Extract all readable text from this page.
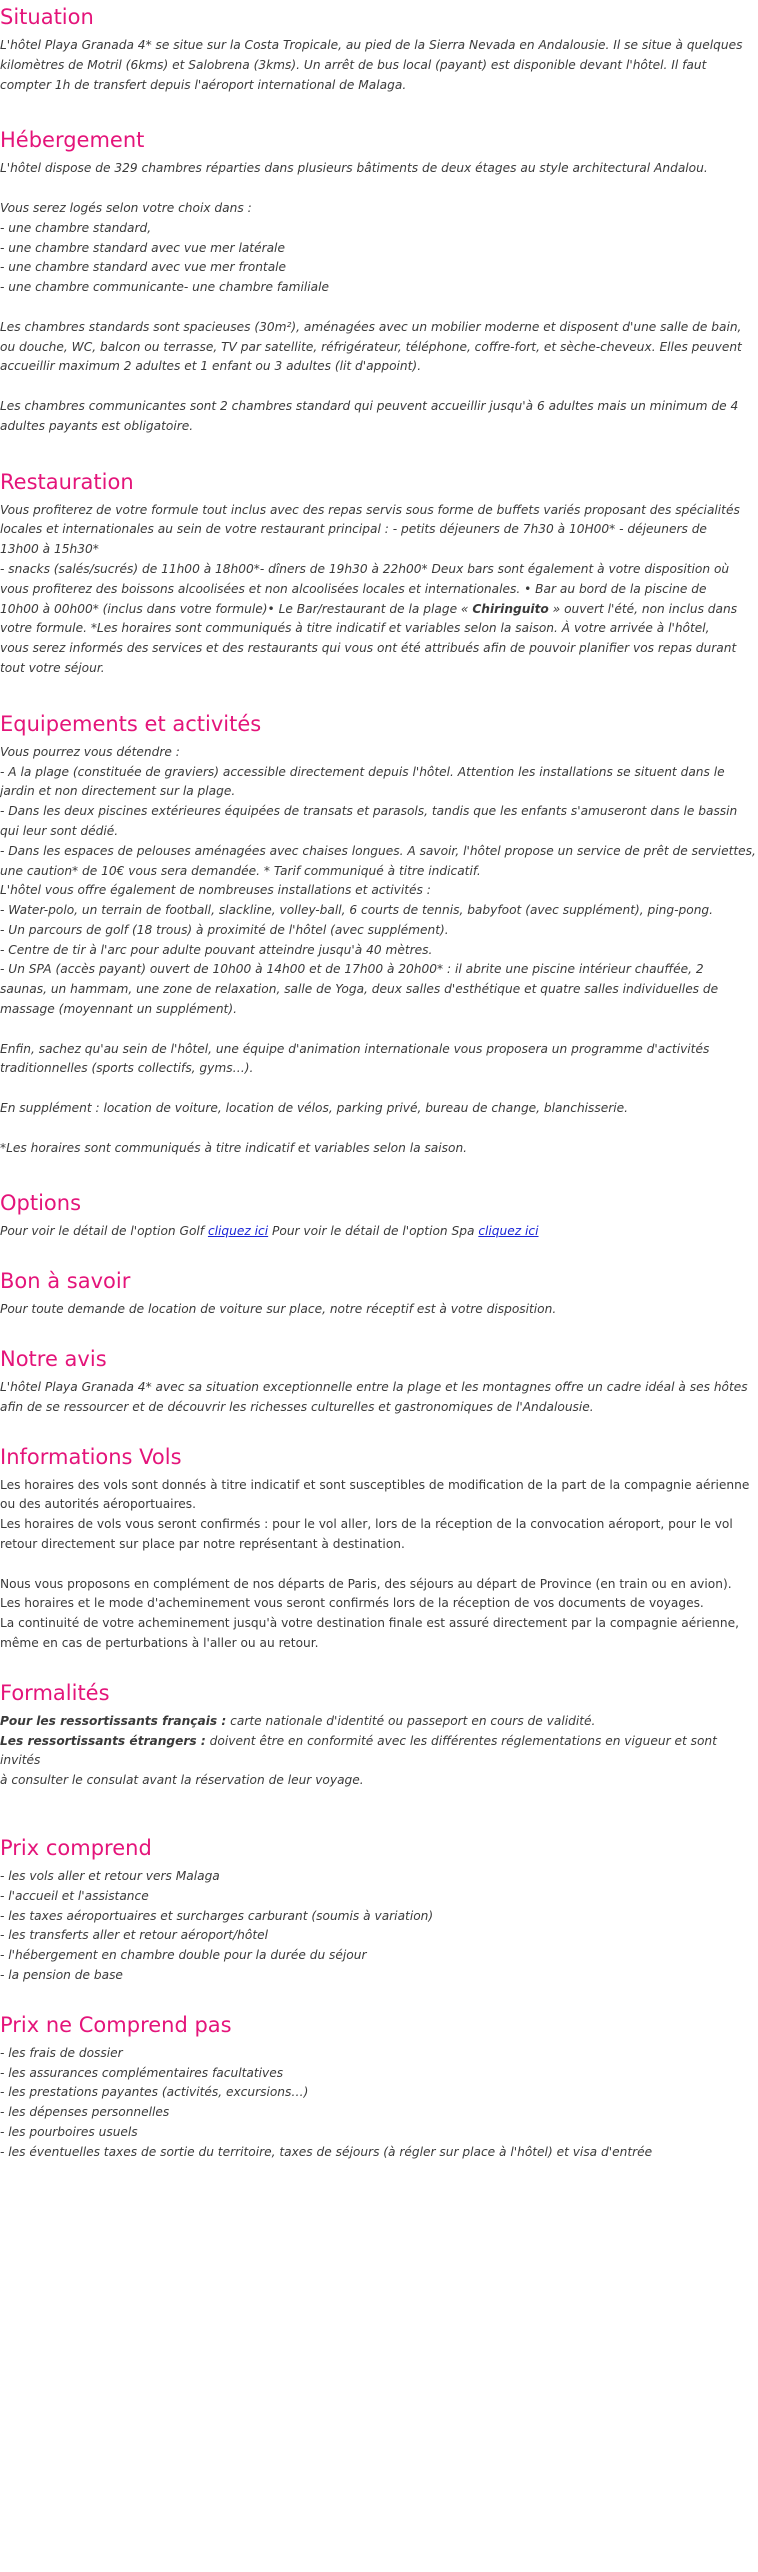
Situation
L'hôtel Playa Granada 4* se situe sur la Costa Tropicale, au pied de la Sierra Nevada en Andalousie. Il se situe à quelques kilomètres de Motril (6kms) et Salobrena (3kms). Un arrêt de bus local (payant) est disponible devant l'hôtel. Il faut compter 1h de transfert depuis l'aéroport international de Malaga.
Hébergement
L'hôtel dispose de 329 chambres réparties dans plusieurs bâtiments de deux étages au style architectural Andalou.
Vous serez logés selon votre choix dans :
- une chambre standard,
- une chambre standard avec vue mer latérale
- une chambre standard avec vue mer frontale
- une chambre communicante- une chambre familiale
Les chambres standards sont spacieuses (30m²), aménagées avec un mobilier moderne et disposent d'une salle de bain, ou douche, WC, balcon ou terrasse, TV par satellite, réfrigérateur, téléphone, coffre-fort, et sèche-cheveux. Elles peuvent accueillir maximum 2 adultes et 1 enfant ou 3 adultes (lit d'appoint).
Les chambres communicantes sont 2 chambres standard qui peuvent accueillir jusqu'à 6 adultes mais un minimum de 4 adultes payants est obligatoire.
Restauration
Vous profiterez de votre formule tout inclus avec des repas servis sous forme de buffets variés proposant des spécialités
locales et internationales au sein de votre restaurant principal : - petits déjeuners de 7h30 à 10H00* - déjeuners de
13h00 à 15h30*
- snacks (salés/sucrés) de 11h00 à 18h00*- dîners de 19h30 à 22h00* Deux bars sont également à votre disposition où
vous profiterez des boissons alcoolisées et non alcoolisées locales et internationales. • Bar au bord de la piscine de
10h00 à 00h00* (inclus dans votre formule)• Le Bar/restaurant de la plage « Chiringuito » ouvert l'été, non inclus dans
votre formule. *Les horaires sont communiqués à titre indicatif et variables selon la saison. À votre arrivée à l'hôtel,
vous serez informés des services et des restaurants qui vous ont été attribués afin de pouvoir planifier vos repas durant
tout votre séjour.
Equipements et activités
Vous pourrez vous détendre :
- A la plage (constituée de graviers) accessible directement depuis l'hôtel. Attention les installations se situent dans le
jardin et non directement sur la plage.
- Dans les deux piscines extérieures équipées de transats et parasols, tandis que les enfants s'amuseront dans le bassin
qui leur sont dédié.
- Dans les espaces de pelouses aménagées avec chaises longues. A savoir, l'hôtel propose un service de prêt de serviettes,
une caution* de 10€ vous sera demandée. * Tarif communiqué à titre indicatif.
L'hôtel vous offre également de nombreuses installations et activités :
- Water-polo, un terrain de football, slackline, volley-ball, 6 courts de tennis, babyfoot (avec supplément), ping-pong.
- Un parcours de golf (18 trous) à proximité de l'hôtel (avec supplément).
- Centre de tir à l'arc pour adulte pouvant atteindre jusqu'à 40 mètres.
- Un SPA (accès payant) ouvert de 10h00 à 14h00 et de 17h00 à 20h00* : il abrite une piscine intérieur chauffée, 2
saunas, un hammam, une zone de relaxation, salle de Yoga, deux salles d'esthétique et quatre salles individuelles de
massage (moyennant un supplément).
Enfin, sachez qu'au sein de l'hôtel, une équipe d'animation internationale vous proposera un programme d'activités
traditionnelles (sports collectifs, gyms…).
En supplément : location de voiture, location de vélos, parking privé, bureau de change, blanchisserie.
*Les horaires sont communiqués à titre indicatif et variables selon la saison.
Options
Pour voir le détail de l'option Golf cliquez ici Pour voir le détail de l'option Spa cliquez ici
Bon à savoir
Pour toute demande de location de voiture sur place, notre réceptif est à votre disposition.
Notre avis
L'hôtel Playa Granada 4* avec sa situation exceptionnelle entre la plage et les montagnes offre un cadre idéal à ses hôtes
afin de se ressourcer et de découvrir les richesses culturelles et gastronomiques de l'Andalousie.
Informations Vols
Les horaires des vols sont donnés à titre indicatif et sont susceptibles de modification de la part de la compagnie aérienne
ou des autorités aéroportuaires.
Les horaires de vols vous seront confirmés : pour le vol aller, lors de la réception de la convocation aéroport, pour le vol
retour directement sur place par notre représentant à destination.
Nous vous proposons en complément de nos départs de Paris, des séjours au départ de Province (en train ou en avion).
Les horaires et le mode d'acheminement vous seront confirmés lors de la réception de vos documents de voyages.
La continuité de votre acheminement jusqu'à votre destination finale est assuré directement par la compagnie aérienne,
même en cas de perturbations à l'aller ou au retour.
Formalités
Pour les ressortissants français : carte nationale d'identité ou passeport en cours de validité.
Les ressortissants étrangers : doivent être en conformité avec les différentes réglementations en vigueur et sont invités
à consulter le consulat avant la réservation de leur voyage.
Prix comprend
- les vols aller et retour vers Malaga
- l'accueil et l'assistance
- les taxes aéroportuaires et surcharges carburant (soumis à variation)
- les transferts aller et retour aéroport/hôtel
- l'hébergement en chambre double pour la durée du séjour
- la pension de base
Prix ne Comprend pas
- les frais de dossier
- les assurances complémentaires facultatives
- les prestations payantes (activités, excursions…)
- les dépenses personnelles
- les pourboires usuels
- les éventuelles taxes de sortie du territoire, taxes de séjours (à régler sur place à l'hôtel) et visa d'entrée
